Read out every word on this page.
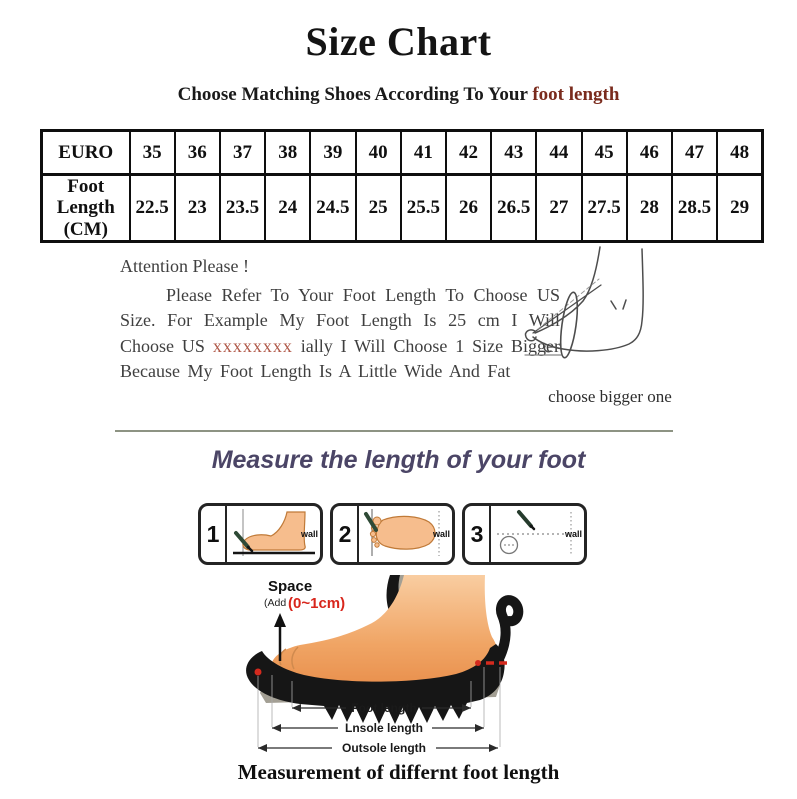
Size Chart
Choose Matching Shoes According To Your foot length
EURO	35	36	37	38	39	40	41	42	43	44	45	46	47	48
Foot Length (CM)	22.5	23	23.5	24	24.5	25	25.5	26	26.5	27	27.5	28	28.5	29
Attention Please !

Please Refer To Your Foot Length To Choose US Size. For Example My Foot Length Is 25 cm I Will Choose US xxxxxxxx ially I Will Choose 1 Size Bigger Because My Foot Length Is A Little Wide And Fat

choose bigger one
Measure the length of your foot
1	wall 2	wall 3	wall
Space
(Add (0~1cm)
Foot length
Lnsole length
Outsole length
Measurement of differnt foot length
